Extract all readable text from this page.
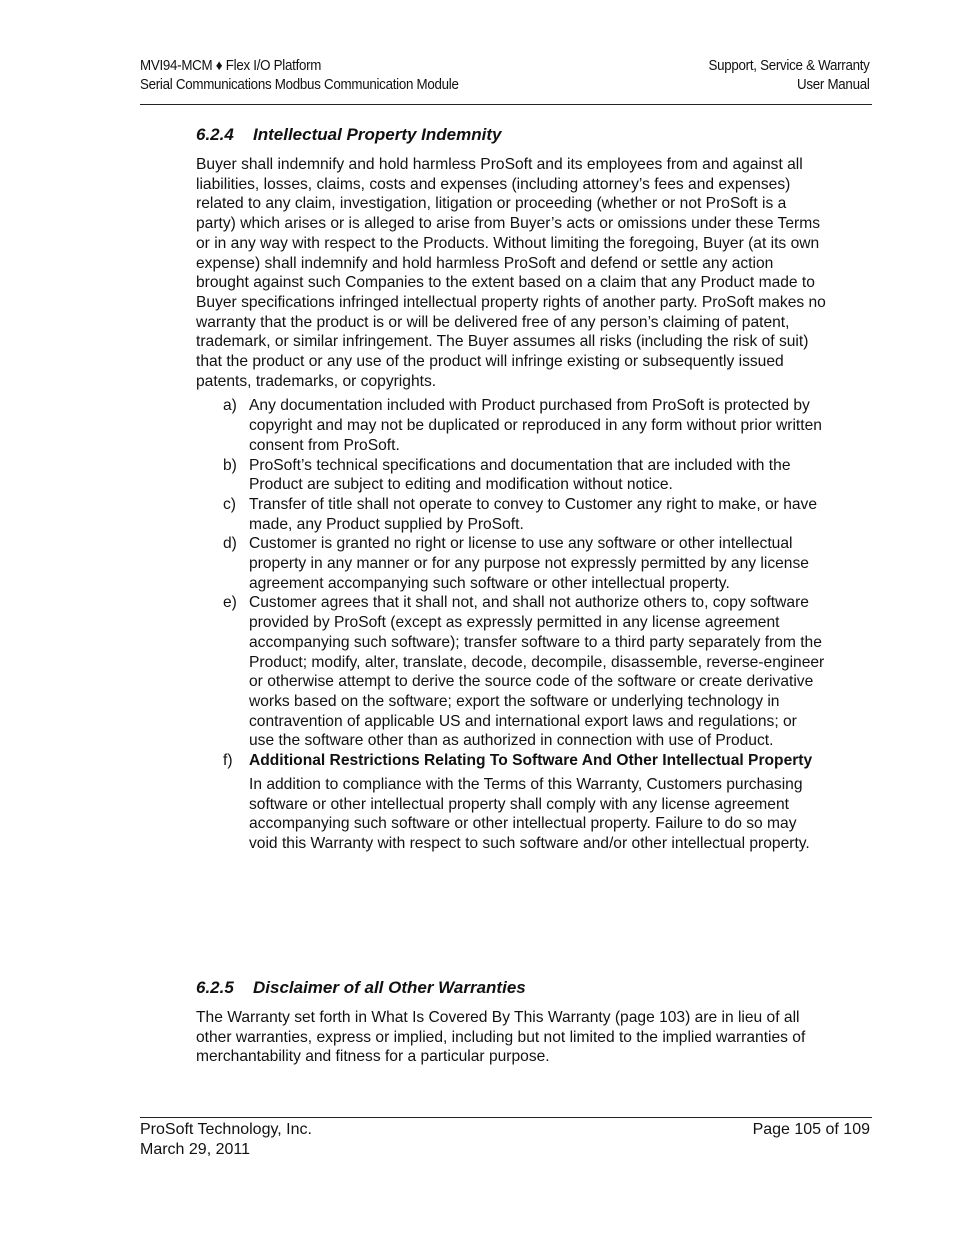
MVI94-MCM ♦ Flex I/O Platform	Support, Service & Warranty
Serial Communications Modbus Communication Module	User Manual
6.2.4 Intellectual Property Indemnity

Buyer shall indemnify and hold harmless ProSoft and its employees from and against all liabilities, losses, claims, costs and expenses (including attorney’s fees and expenses) related to any claim, investigation, litigation or proceeding (whether or not ProSoft is a party) which arises or is alleged to arise from Buyer’s acts or omissions under these Terms or in any way with respect to the Products. Without limiting the foregoing, Buyer (at its own expense) shall indemnify and hold harmless ProSoft and defend or settle any action brought against such Companies to the extent based on a claim that any Product made to Buyer specifications infringed intellectual property rights of another party. ProSoft makes no warranty that the product is or will be delivered free of any person’s claiming of patent, trademark, or similar infringement. The Buyer assumes all risks (including the risk of suit) that the product or any use of the product will infringe existing or subsequently issued patents, trademarks, or copyrights.

a) Any documentation included with Product purchased from ProSoft is protected by copyright and may not be duplicated or reproduced in any form without prior written consent from ProSoft.
b) ProSoft’s technical specifications and documentation that are included with the Product are subject to editing and modification without notice.
c) Transfer of title shall not operate to convey to Customer any right to make, or have made, any Product supplied by ProSoft.
d) Customer is granted no right or license to use any software or other intellectual property in any manner or for any purpose not expressly permitted by any license agreement accompanying such software or other intellectual property.
e) Customer agrees that it shall not, and shall not authorize others to, copy software provided by ProSoft (except as expressly permitted in any license agreement accompanying such software); transfer software to a third party separately from the Product; modify, alter, translate, decode, decompile, disassemble, reverse-engineer or otherwise attempt to derive the source code of the software or create derivative works based on the software; export the software or underlying technology in contravention of applicable US and international export laws and regulations; or use the software other than as authorized in connection with use of Product.
f) Additional Restrictions Relating To Software And Other Intellectual Property
In addition to compliance with the Terms of this Warranty, Customers purchasing software or other intellectual property shall comply with any license agreement accompanying such software or other intellectual property. Failure to do so may void this Warranty with respect to such software and/or other intellectual property.
6.2.5 Disclaimer of all Other Warranties

The Warranty set forth in What Is Covered By This Warranty (page 103) are in lieu of all other warranties, express or implied, including but not limited to the implied warranties of merchantability and fitness for a particular purpose.

ProSoft Technology, Inc.	Page 105 of 109
March 29, 2011
